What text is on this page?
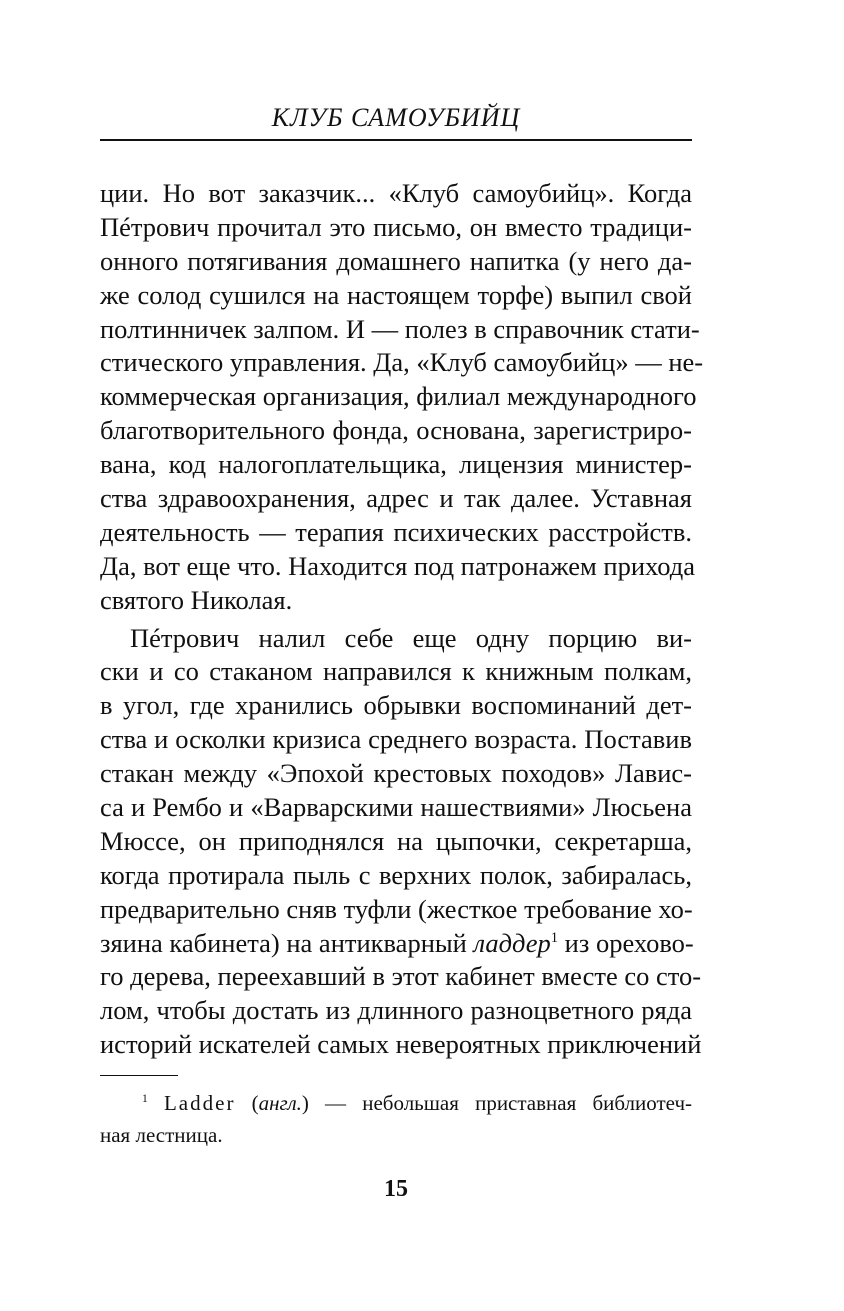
КЛУБ САМОУБИЙЦ
ции. Но вот заказчик... «Клуб самоубийц». Когда
Пéтрович прочитал это письмо, он вместо традици-
онного потягивания домашнего напитка (у него да-
же солод сушился на настоящем торфе) выпил свой
полтинничек залпом. И — полез в справочник стати-
стического управления. Да, «Клуб самоубийц» — не-
коммерческая организация, филиал международного
благотворительного фонда, основана, зарегистриро-
вана, код налогоплательщика, лицензия министер-
ства здравоохранения, адрес и так далее. Уставная
деятельность — терапия психических расстройств.
Да, вот еще что. Находится под патронажем прихода
святого Николая.
Пéтрович налил себе еще одну порцию ви-
ски и со стаканом направился к книжным полкам,
в угол, где хранились обрывки воспоминаний дет-
ства и осколки кризиса среднего возраста. Поставив
стакан между «Эпохой крестовых походов» Лавис-
са и Рембо и «Варварскими нашествиями» Люсьена
Мюссе, он приподнялся на цыпочки, секретарша,
когда протирала пыль с верхних полок, забиралась,
предварительно сняв туфли (жесткое требование хо-
зяина кабинета) на антикварный ладдер$^1$ из орехово-
го дерева, переехавший в этот кабинет вместе со сто-
лом, чтобы достать из длинного разноцветного ряда
историй искателей самых невероятных приключений
$^1$ Ladder (англ.) — небольшая приставная библиотеч-
ная лестница.
15
